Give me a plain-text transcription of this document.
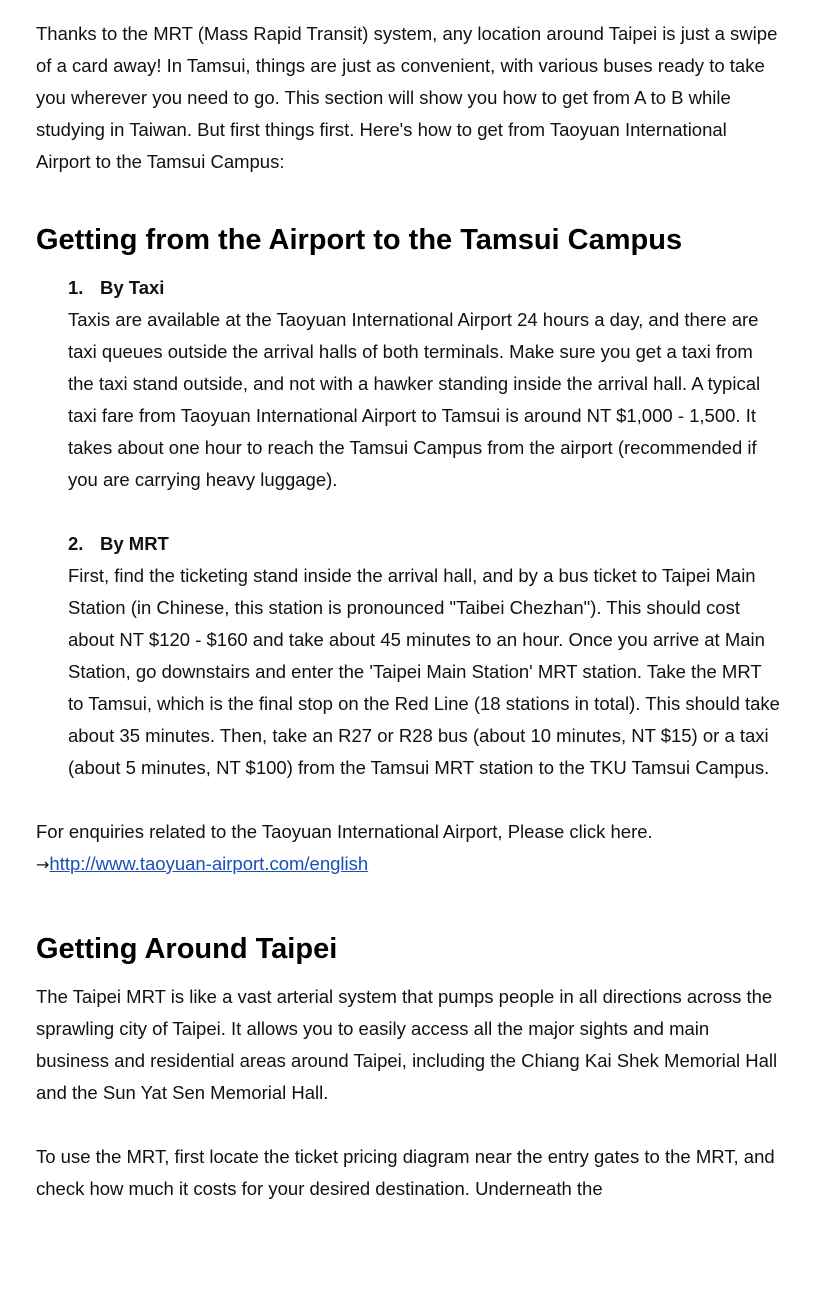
Thanks to the MRT (Mass Rapid Transit) system, any location around Taipei is just a swipe of a card away! In Tamsui, things are just as convenient, with various buses ready to take you wherever you need to go. This section will show you how to get from A to B while studying in Taiwan. But first things first. Here's how to get from Taoyuan International Airport to the Tamsui Campus:

Getting from the Airport to the Tamsui Campus
1. By Taxi

Taxis are available at the Taoyuan International Airport 24 hours a day, and there are taxi queues outside the arrival halls of both terminals. Make sure you get a taxi from the taxi stand outside, and not with a hawker standing inside the arrival hall. A typical taxi fare from Taoyuan International Airport to Tamsui is around NT $1,000 - 1,500. It takes about one hour to reach the Tamsui Campus from the airport (recommended if you are carrying heavy luggage).

2. By MRT

First, find the ticketing stand inside the arrival hall, and by a bus ticket to Taipei Main Station (in Chinese, this station is pronounced "Taibei Chezhan"). This should cost about NT $120 - $160 and take about 45 minutes to an hour. Once you arrive at Main Station, go downstairs and enter the 'Taipei Main Station' MRT station. Take the MRT to Tamsui, which is the final stop on the Red Line (18 stations in total). This should take about 35 minutes. Then, take an R27 or R28 bus (about 10 minutes, NT $15) or a taxi (about 5 minutes, NT $100) from the Tamsui MRT station to the TKU Tamsui Campus.

For enquiries related to the Taoyuan International Airport, Please click here.

→http://www.taoyuan-airport.com/english

Getting Around Taipei

The Taipei MRT is like a vast arterial system that pumps people in all directions across the sprawling city of Taipei. It allows you to easily access all the major sights and main business and residential areas around Taipei, including the Chiang Kai Shek Memorial Hall and the Sun Yat Sen Memorial Hall.

To use the MRT, first locate the ticket pricing diagram near the entry gates to the MRT, and check how much it costs for your desired destination. Underneath the
